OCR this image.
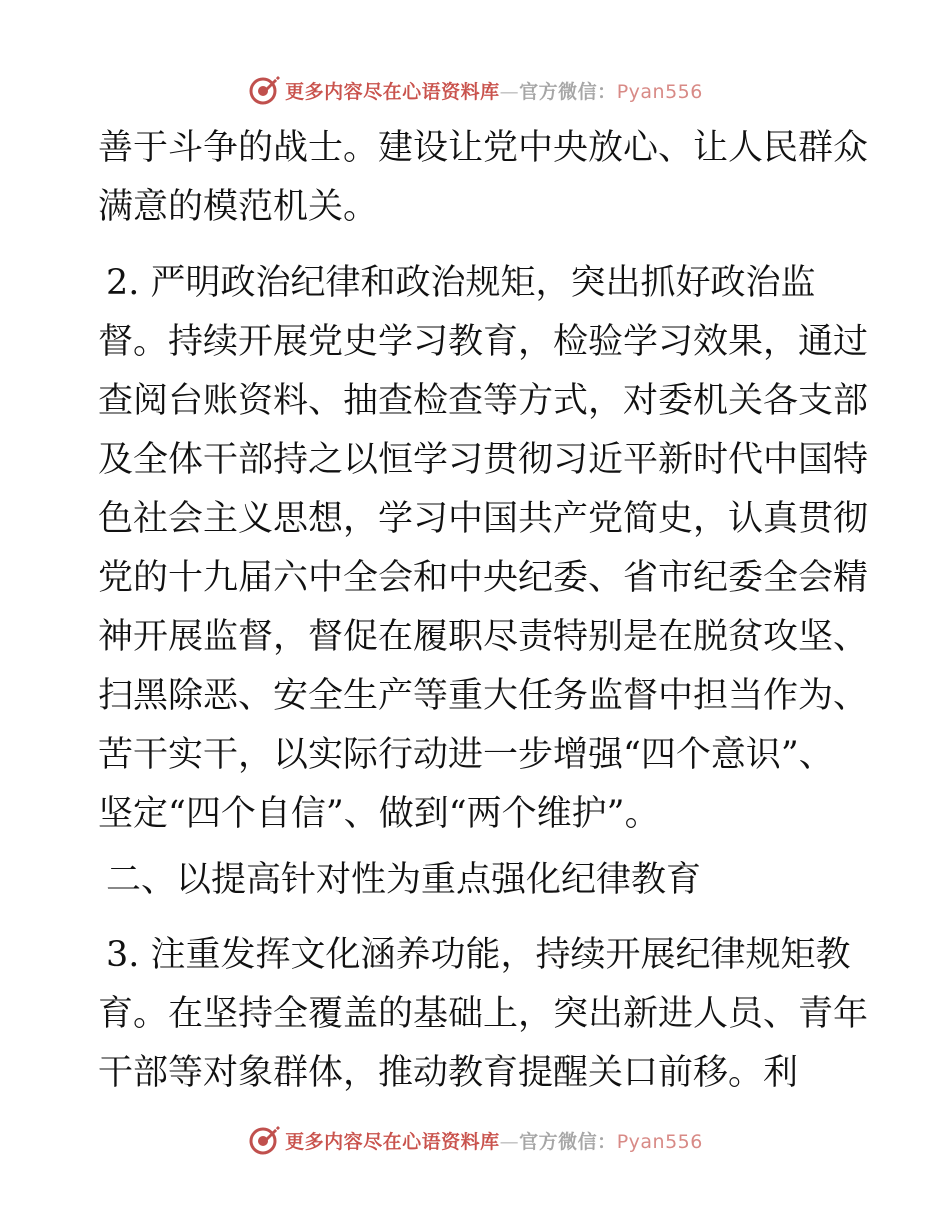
更多内容尽在心语资料库—官方微信：Pyan556

善于斗争的战士。建设让党中央放心、让人民群众
满意的模范机关。

2. 严明政治纪律和政治规矩，突出抓好政治监
督。持续开展党史学习教育，检验学习效果，通过
查阅台账资料、抽查检查等方式，对委机关各支部
及全体干部持之以恒学习贯彻习近平新时代中国特
色社会主义思想，学习中国共产党简史，认真贯彻
党的十九届六中全会和中央纪委、省市纪委全会精
神开展监督，督促在履职尽责特别是在脱贫攻坚、
扫黑除恶、安全生产等重大任务监督中担当作为、
苦干实干，以实际行动进一步增强“四个意识”、
坚定“四个自信”、做到“两个维护”。

二、以提高针对性为重点强化纪律教育

3. 注重发挥文化涵养功能，持续开展纪律规矩教
育。在坚持全覆盖的基础上，突出新进人员、青年
干部等对象群体，推动教育提醒关口前移。利

更多内容尽在心语资料库—官方微信：Pyan556
